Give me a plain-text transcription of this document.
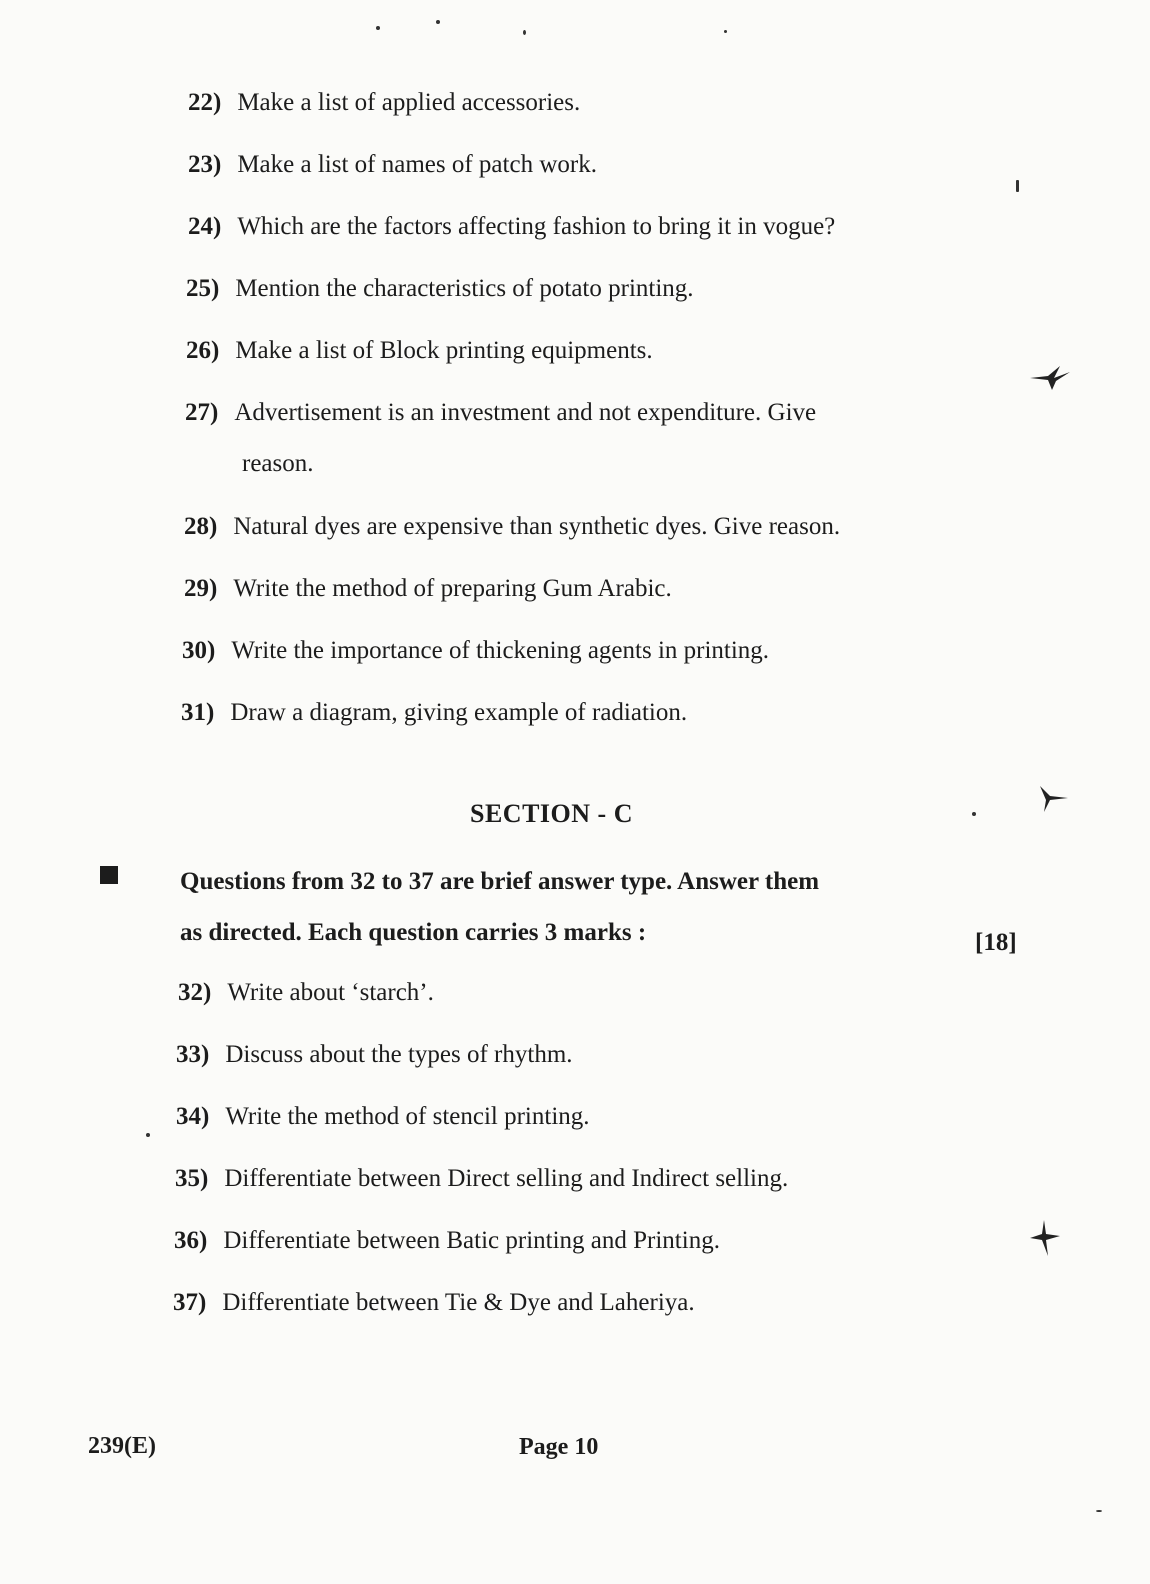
22) Make a list of applied accessories.
23) Make a list of names of patch work.
24) Which are the factors affecting fashion to bring it in vogue?
25) Mention the characteristics of potato printing.
26) Make a list of Block printing equipments.
27) Advertisement is an investment and not expenditure. Give
reason.
28) Natural dyes are expensive than synthetic dyes. Give reason.
29) Write the method of preparing Gum Arabic.
30) Write the importance of thickening agents in printing.
31) Draw a diagram, giving example of radiation.
SECTION - C
Questions from 32 to 37 are brief answer type. Answer them
as directed. Each question carries 3 marks :	[18]
32) Write about ‘starch’.
33) Discuss about the types of rhythm.
34) Write the method of stencil printing.
35) Differentiate between Direct selling and Indirect selling.
36) Differentiate between Batic printing and Printing.
37) Differentiate between Tie & Dye and Laheriya.
239(E)	Page 10
